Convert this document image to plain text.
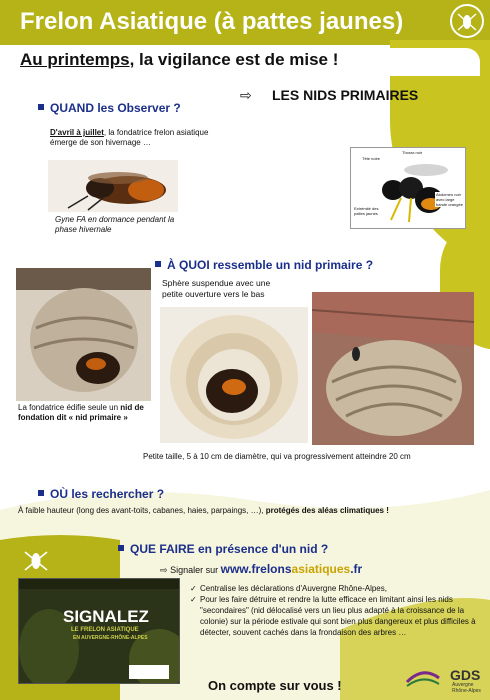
Frelon Asiatique (à pattes jaunes)
Au printemps, la vigilance est de mise !
QUAND les Observer ?
⇨ LES NIDS PRIMAIRES
D'avril à juillet, la fondatrice frelon asiatique émerge de son hivernage …
Gyne FA en dormance pendant la phase hivernale
Tête noire
Thorax noir
Extrémité des pattes jaunes
Abdomen noir avec large bande orangée
À QUOI ressemble un nid primaire ?
Sphère suspendue avec une petite ouverture vers le bas
La fondatrice édifie seule un nid de fondation dit « nid primaire »
Petite taille, 5 à 10 cm de diamètre, qui va progressivement atteindre 20 cm
OÙ les rechercher ?
À faible hauteur (long des avant-toits, cabanes, haies, parpaings, …), protégés des aléas climatiques !
QUE FAIRE en présence d'un nid ?
⇨ Signaler sur www.frelonsasiatiques.fr
SIGNALEZ
LE FRELON ASIATIQUE
EN AUVERGNE-RHÔNE-ALPES
✓ Centralise les déclarations d'Auvergne Rhône-Alpes,
✓ Pour les faire détruire et rendre la lutte efficace en limitant ainsi les nids "secondaires" (nid délocalisé vers un lieu plus adapté à la croissance de la colonie) sur la période estivale qui sont bien plus dangereux et plus difficiles à détecter, souvent cachés dans la frondaison des arbres …
On compte sur vous !
GDS
Auvergne
Rhône-Alpes
